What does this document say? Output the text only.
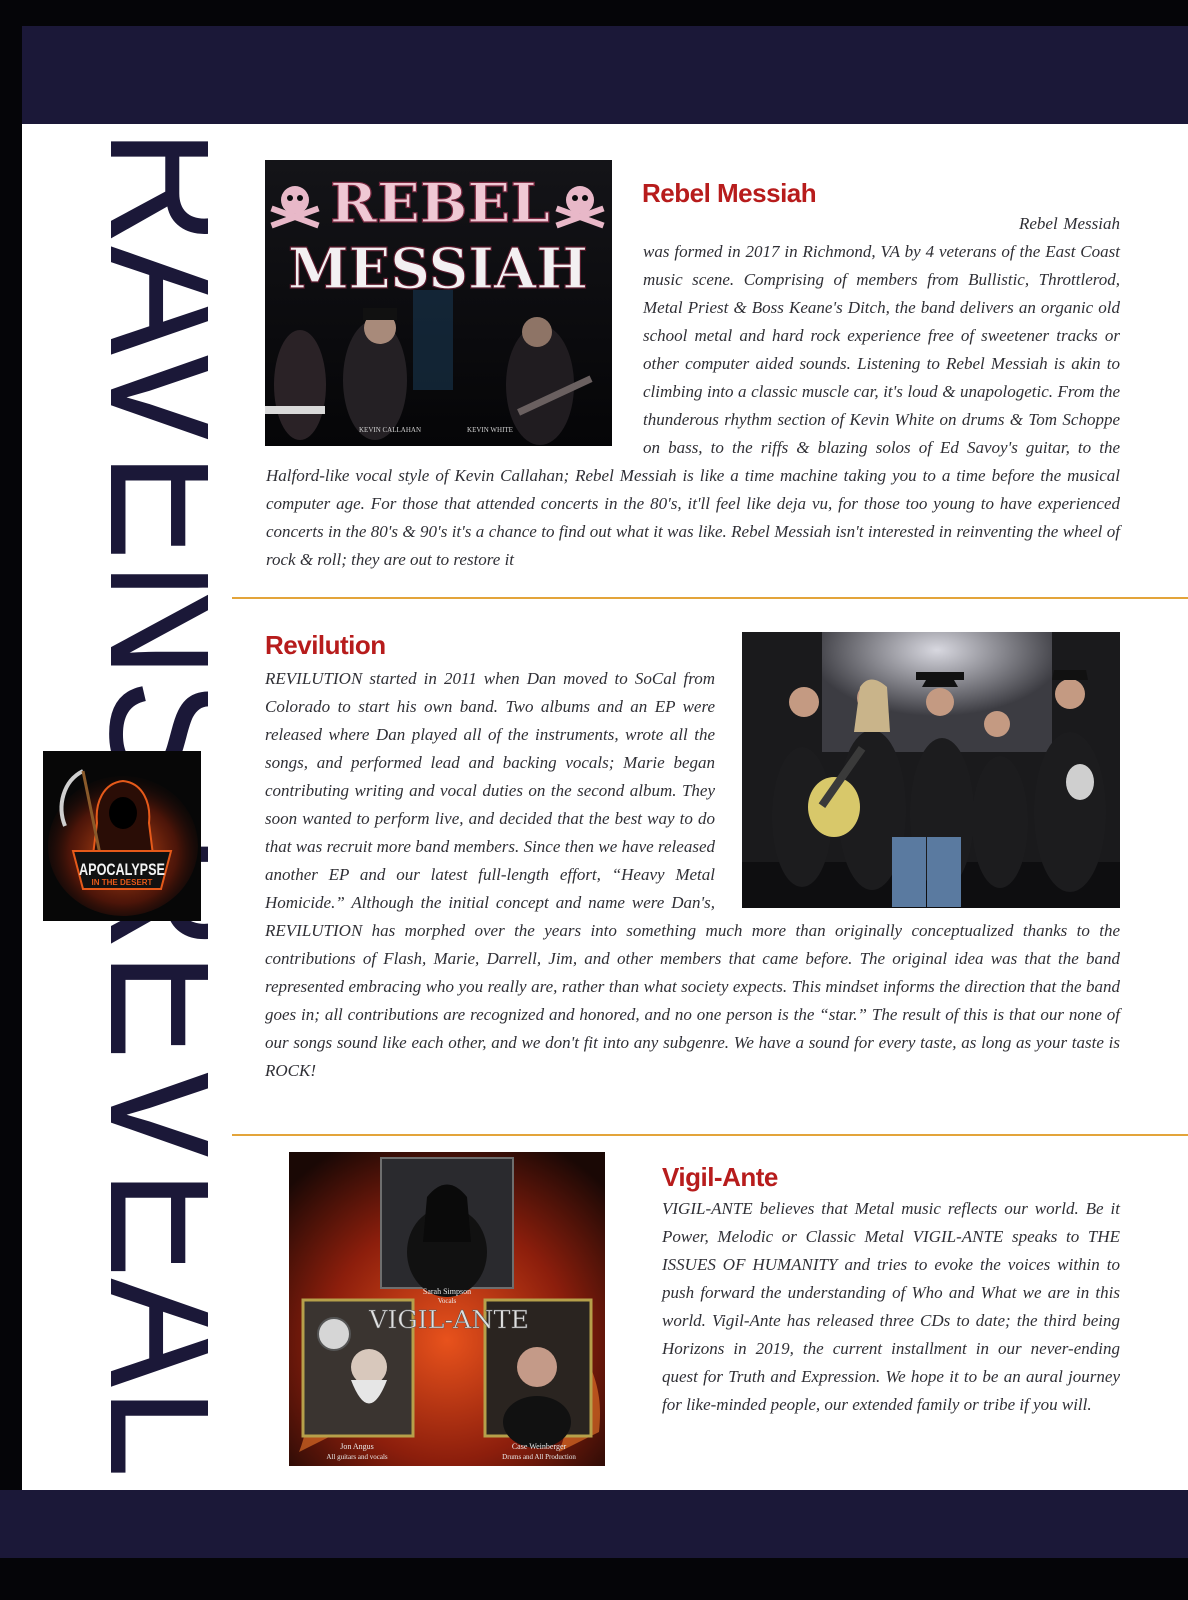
APOCALYPSE
IN THE DESERT
REBEL
MESSIAH
KEVIN CALLAHAN	KEVIN WHITE
Rebel Messiah

Rebel Messiah was formed in 2017 in Richmond, VA by 4 veterans of the East Coast music scene. Comprising of members from Bullistic, Throttlerod, Metal Priest & Boss Keane's Ditch, the band delivers an organic old school metal and hard rock experience free of sweetener tracks or other computer aided sounds. Listening to Rebel Messiah is akin to climbing into a classic muscle car, it's loud & unapologetic. From the thunderous rhythm section of Kevin White on drums & Tom Schoppe on bass, to the riffs & blazing solos of Ed Savoy's guitar, to the Halford-like vocal style of Kevin Callahan; Rebel Messiah is like a time machine taking you to a time before the musical computer age. For those that attended concerts in the 80's, it'll feel like deja vu, for those too young to have experienced concerts in the 80's & 90's it's a chance to find out what it was like. Rebel Messiah isn't interested in reinventing the wheel of rock & roll; they are out to restore it

Revilution

REVILUTION started in 2011 when Dan moved to SoCal from Colorado to start his own band. Two albums and an EP were released where Dan played all of the instruments, wrote all the songs, and performed lead and backing vocals; Marie began contributing writing and vocal duties on the second album. They soon wanted to perform live, and decided that the best way to do that was recruit more band members. Since then we have released another EP and our latest full-length effort, “Heavy Metal Homicide.” Although the initial concept and name were Dan's, REVILUTION has morphed over the years into something much more than originally conceptualized thanks to the contributions of Flash, Marie, Darrell, Jim, and other members that came before. The original idea was that the band represented embracing who you really are, rather than what society expects. This mindset informs the direction that the band goes in; all contributions are recognized and honored, and no one person is the “star.” The result of this is that our none of our songs sound like each other, and we don't fit into any subgenre. We have a sound for every taste, as long as your taste is ROCK!

VIGIL-ANTE
Sarah Simpson
Vocals
Jon Angus
All guitars and vocals
Case Weinberger
Drums and All Production
Vigil-Ante

VIGIL-ANTE believes that Metal music reflects our world. Be it Power, Melodic or Classic Metal VIGIL-ANTE speaks to THE ISSUES OF HUMANITY and tries to evoke the voices within to push forward the understanding of Who and What we are in this world. Vigil-Ante has released three CDs to date; the third being Horizons in 2019, the current installment in our never-ending quest for Truth and Expression. We hope it to be an aural journey for like-minded people, our extended family or tribe if you will.
